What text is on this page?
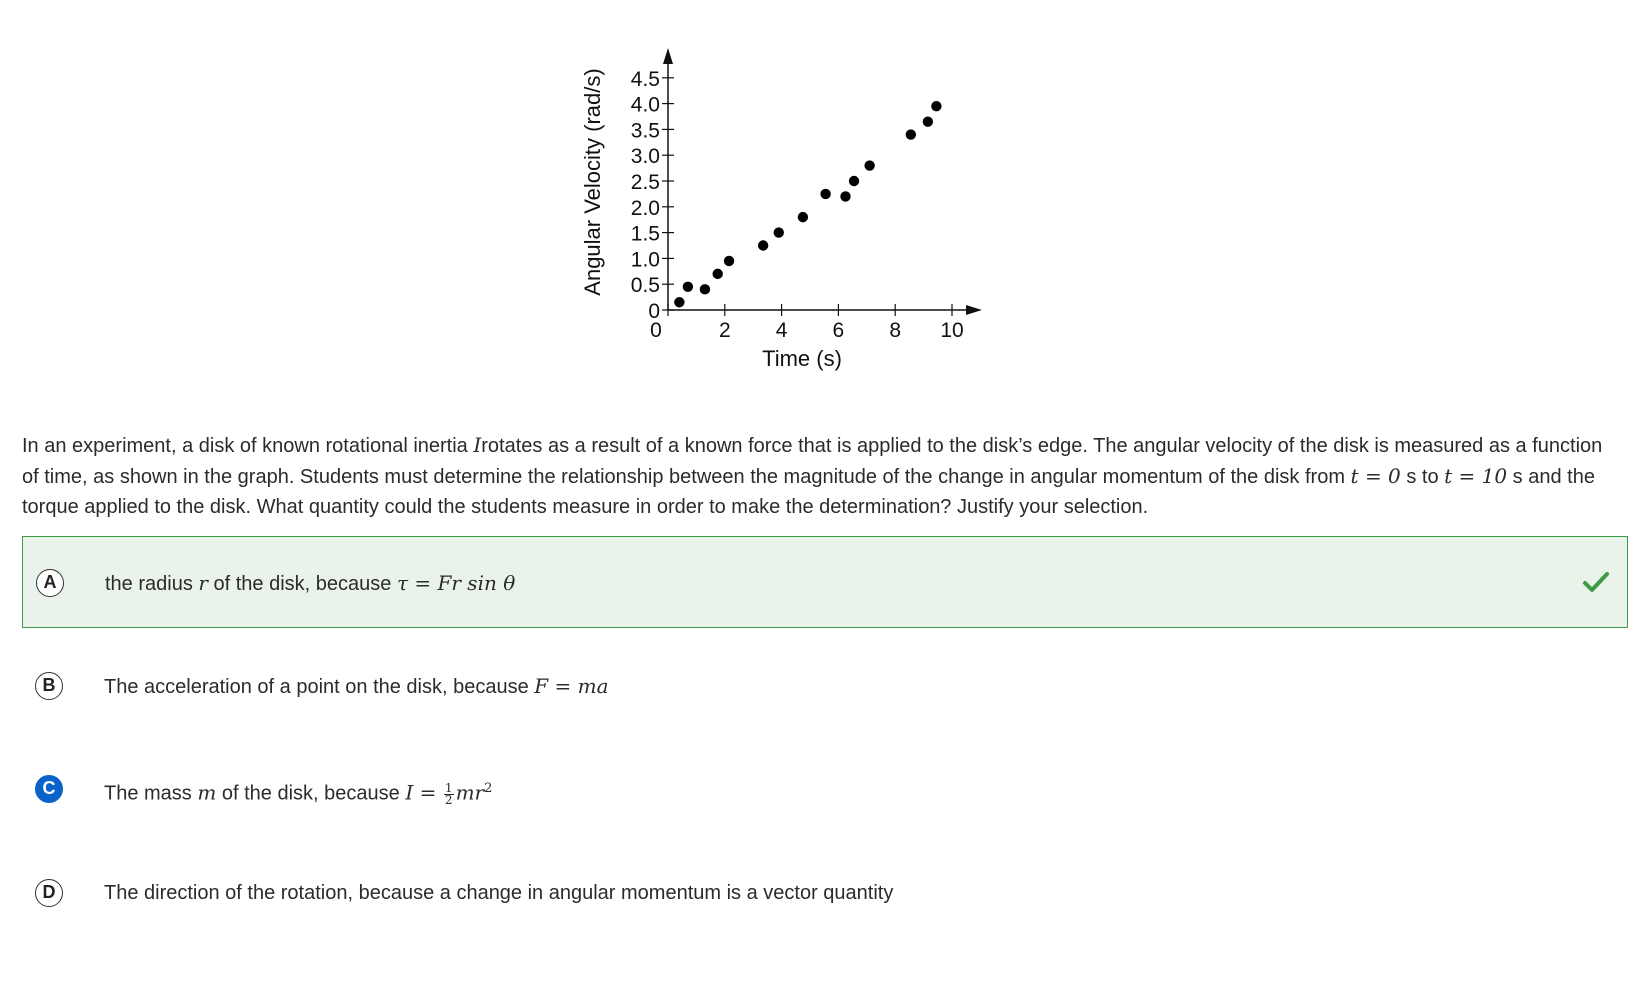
0	2 4 6 8 10
0
0.5
1.0
1.5
2.0
2.5
3.0
3.5
4.0
4.5
Time (s)
Angular Velocity (rad/s)
In an experiment, a disk of known rotational inertia Irotates as a result of a known force that is applied to the disk’s edge. The angular velocity of the disk is measured as a function of time, as shown in the graph. Students must determine the relationship between the magnitude of the change in angular momentum of the disk from t = 0 s to t = 10 s and the torque applied to the disk. What quantity could the students measure in order to make the determination? Justify your selection.
A	the radius r of the disk, because τ = Fr sin θ
B	The acceleration of a point on the disk, because F = ma
C	The mass m of the disk, because $I = \frac{1}{2} mr^2$
D	The direction of the rotation, because a change in angular momentum is a vector quantity
